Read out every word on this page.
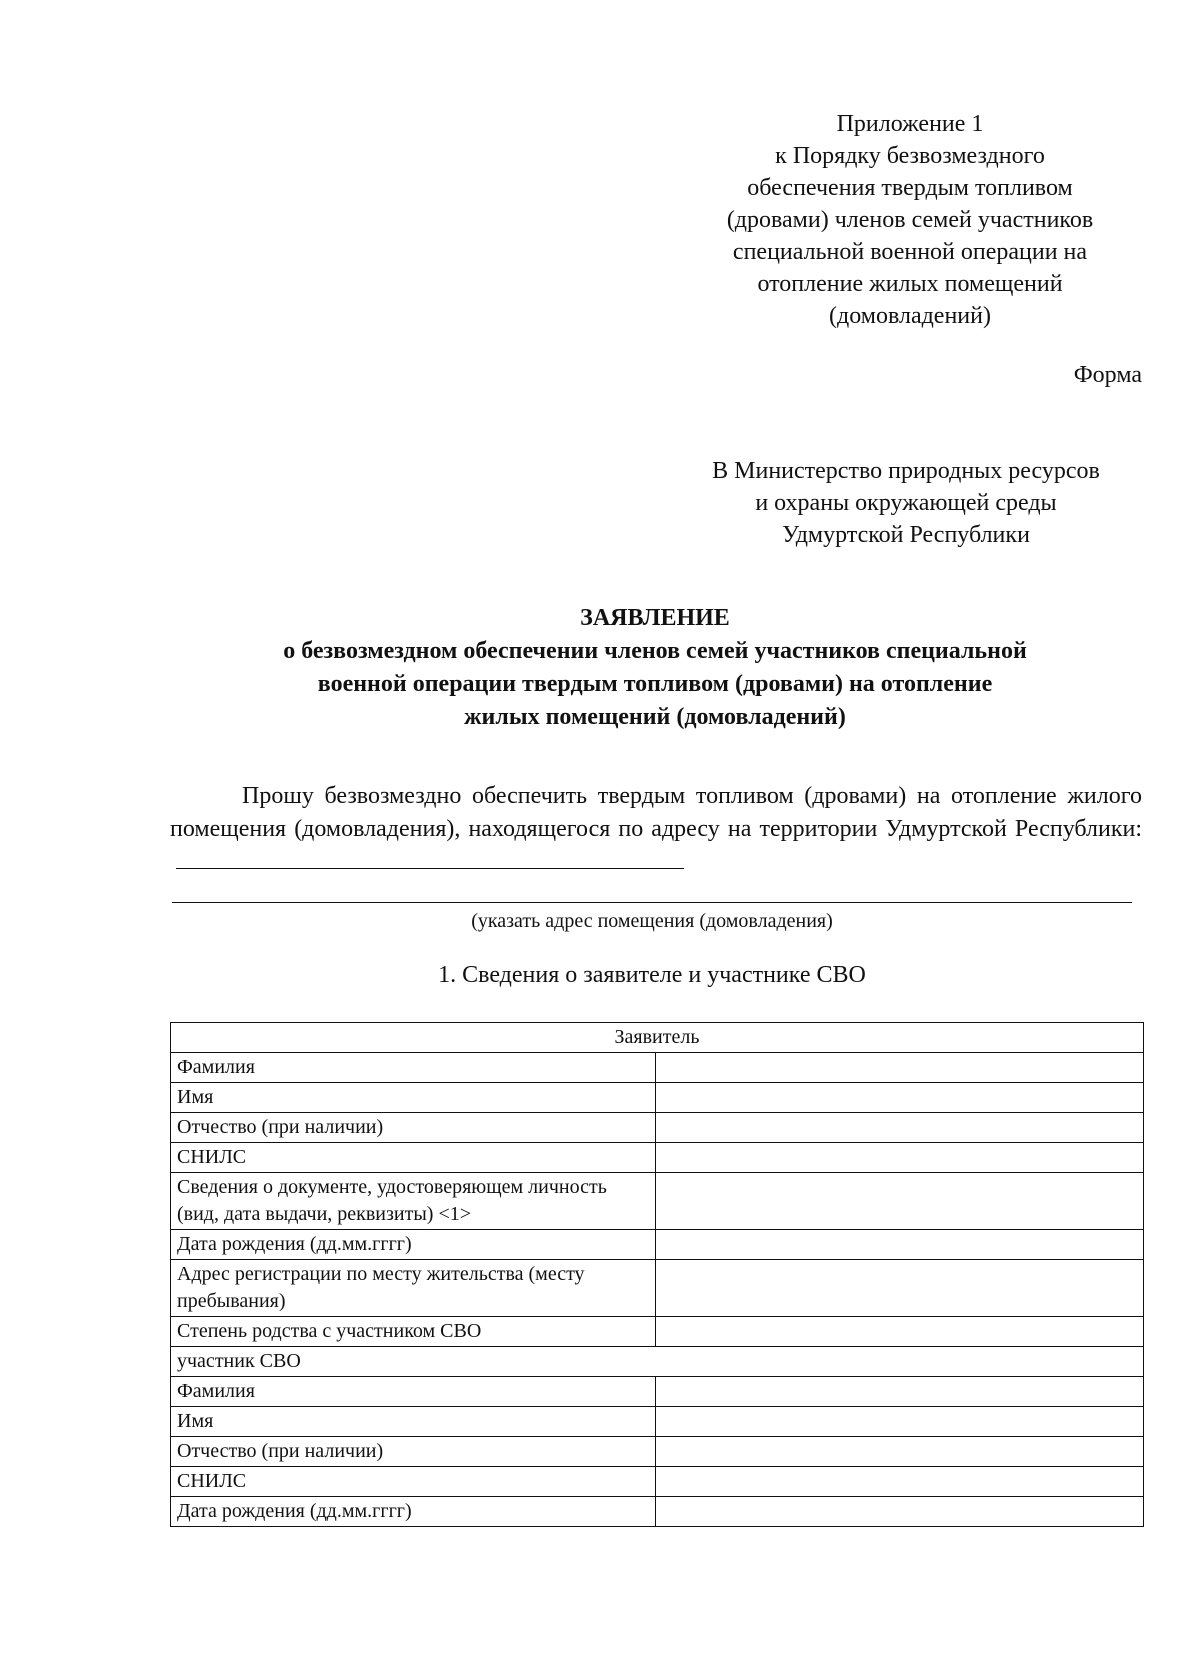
Приложение 1
к Порядку безвозмездного
обеспечения твердым топливом
(дровами) членов семей участников
специальной военной операции на
отопление жилых помещений
(домовладений)
Форма
В Министерство природных ресурсов
и охраны окружающей среды
Удмуртской Республики
ЗАЯВЛЕНИЕ
о безвозмездном обеспечении членов семей участников специальной
военной операции твердым топливом (дровами) на отопление
жилых помещений (домовладений)
Прошу безвозмездно обеспечить твердым топливом (дровами) на отопление жилого помещения (домовладения), находящегося по адресу на территории Удмуртской Республики:
(указать адрес помещения (домовладения)
1. Сведения о заявителе и участнике СВО
Заявитель	
Фамилия	
Имя	
Отчество (при наличии)	
СНИЛС	
Сведения о документе, удостоверяющем личность (вид, дата выдачи, реквизиты) <1>	
Дата рождения (дд.мм.гггг)	
Адрес регистрации по месту жительства (месту пребывания)	
Степень родства с участником СВО	
участник СВО	
Фамилия	
Имя	
Отчество (при наличии)	
СНИЛС	
Дата рождения (дд.мм.гггг)	
